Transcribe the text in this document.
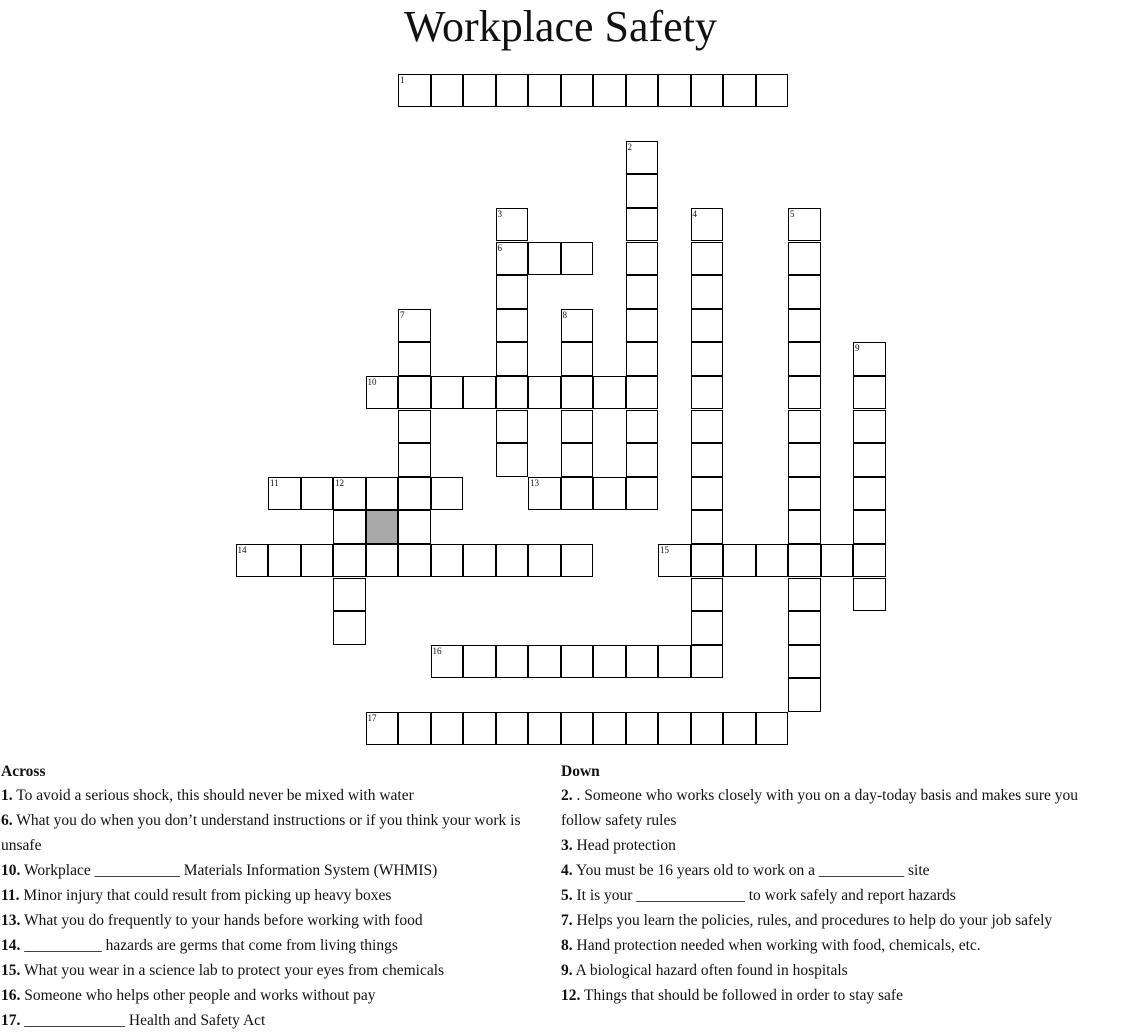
Workplace Safety
1
2
3
6
4	5
7	8
9
10
11	12	13
14	15
16
17
Across

1. To avoid a serious shock, this should never be mixed with water

6. What you do when you don’t understand instructions or if you think your work is unsafe

10. Workplace ___________ Materials Information System (WHMIS)

11. Minor injury that could result from picking up heavy boxes

13. What you do frequently to your hands before working with food

14. __________ hazards are germs that come from living things

15. What you wear in a science lab to protect your eyes from chemicals

16. Someone who helps other people and works without pay

17. _____________ Health and Safety Act

Down

2. . Someone who works closely with you on a day-today basis and makes sure you follow safety rules

3. Head protection

4. You must be 16 years old to work on a ___________ site

5. It is your ______________ to work safely and report hazards

7. Helps you learn the policies, rules, and procedures to help do your job safely

8. Hand protection needed when working with food, chemicals, etc.

9. A biological hazard often found in hospitals

12. Things that should be followed in order to stay safe
